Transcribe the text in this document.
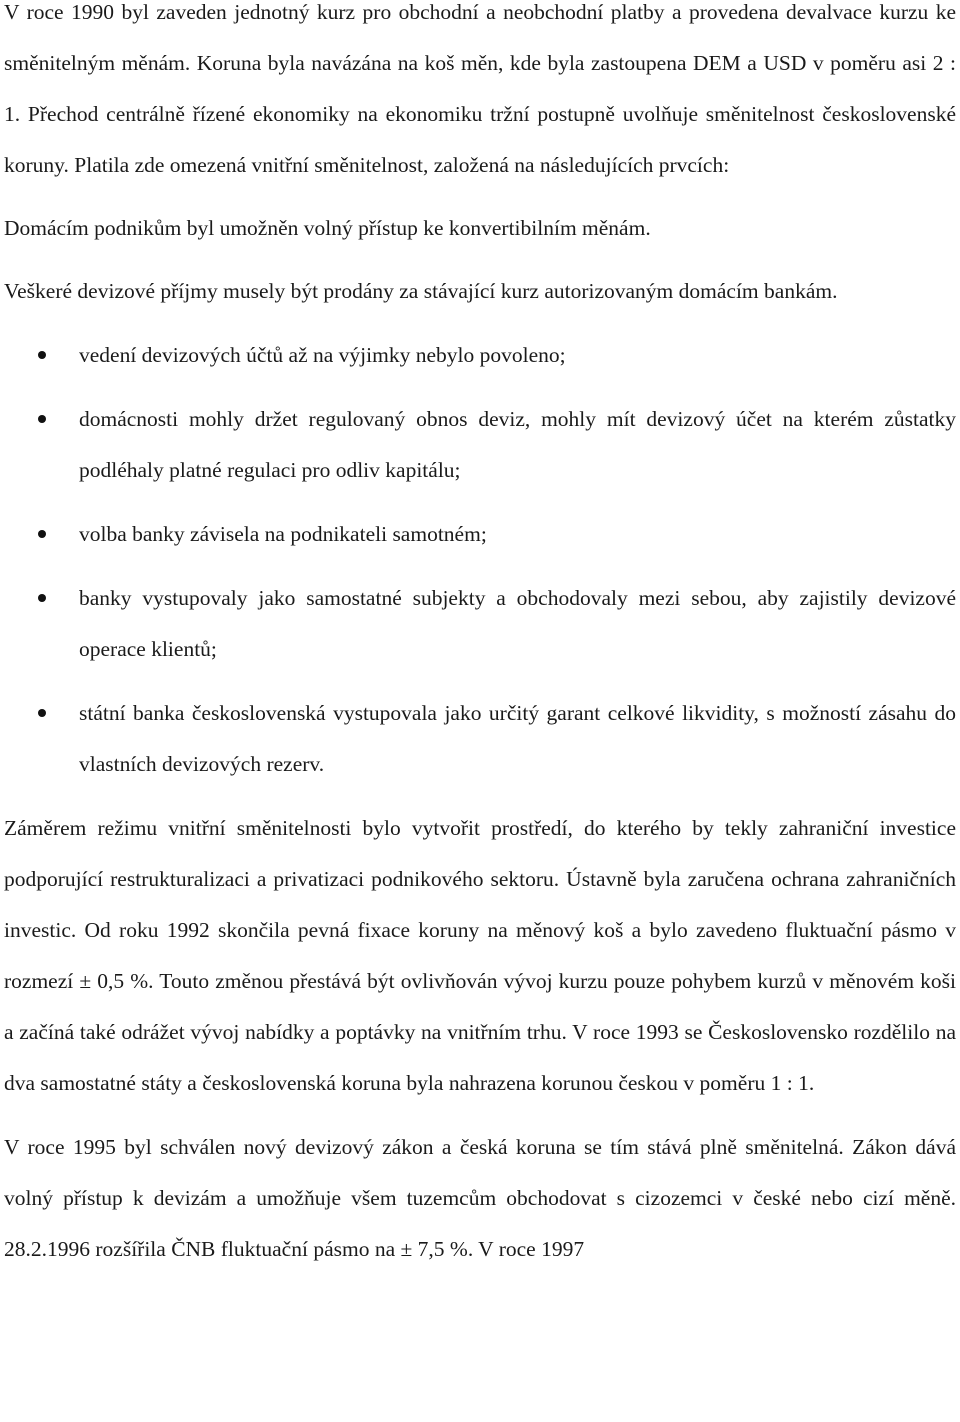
V roce 1990 byl zaveden jednotný kurz pro obchodní a neobchodní platby a provedena devalvace kurzu ke směnitelným měnám. Koruna byla navázána na koš měn, kde byla zastoupena DEM a USD v poměru asi 2 : 1. Přechod centrálně řízené ekonomiky na ekonomiku tržní postupně uvolňuje směnitelnost československé koruny. Platila zde omezená vnitřní směnitelnost, založená na následujících prvcích:

Domácím podnikům byl umožněn volný přístup ke konvertibilním měnám.

Veškeré devizové příjmy musely být prodány za stávající kurz autorizovaným domácím bankám.

vedení devizových účtů až na výjimky nebylo povoleno;
domácnosti mohly držet regulovaný obnos deviz, mohly mít devizový účet na kterém zůstatky podléhaly platné regulaci pro odliv kapitálu;
volba banky závisela na podnikateli samotném;
banky vystupovaly jako samostatné subjekty a obchodovaly mezi sebou, aby zajistily devizové operace klientů;
státní banka československá vystupovala jako určitý garant celkové likvidity, s možností zásahu do vlastních devizových rezerv.

Záměrem režimu vnitřní směnitelnosti bylo vytvořit prostředí, do kterého by tekly zahraniční investice podporující restrukturalizaci a privatizaci podnikového sektoru. Ústavně byla zaručena ochrana zahraničních investic. Od roku 1992 skončila pevná fixace koruny na měnový koš a bylo zavedeno fluktuační pásmo v rozmezí ± 0,5 %. Touto změnou přestává být ovlivňován vývoj kurzu pouze pohybem kurzů v měnovém koši a začíná také odrážet vývoj nabídky a poptávky na vnitřním trhu. V roce 1993 se Československo rozdělilo na dva samostatné státy a československá koruna byla nahrazena korunou českou v poměru 1 : 1.

V roce 1995 byl schválen nový devizový zákon a česká koruna se tím stává plně směnitelná. Zákon dává volný přístup k devizám a umožňuje všem tuzemcům obchodovat s cizozemci v české nebo cizí měně. 28.2.1996 rozšířila ČNB fluktuační pásmo na ± 7,5 %. V roce 1997
